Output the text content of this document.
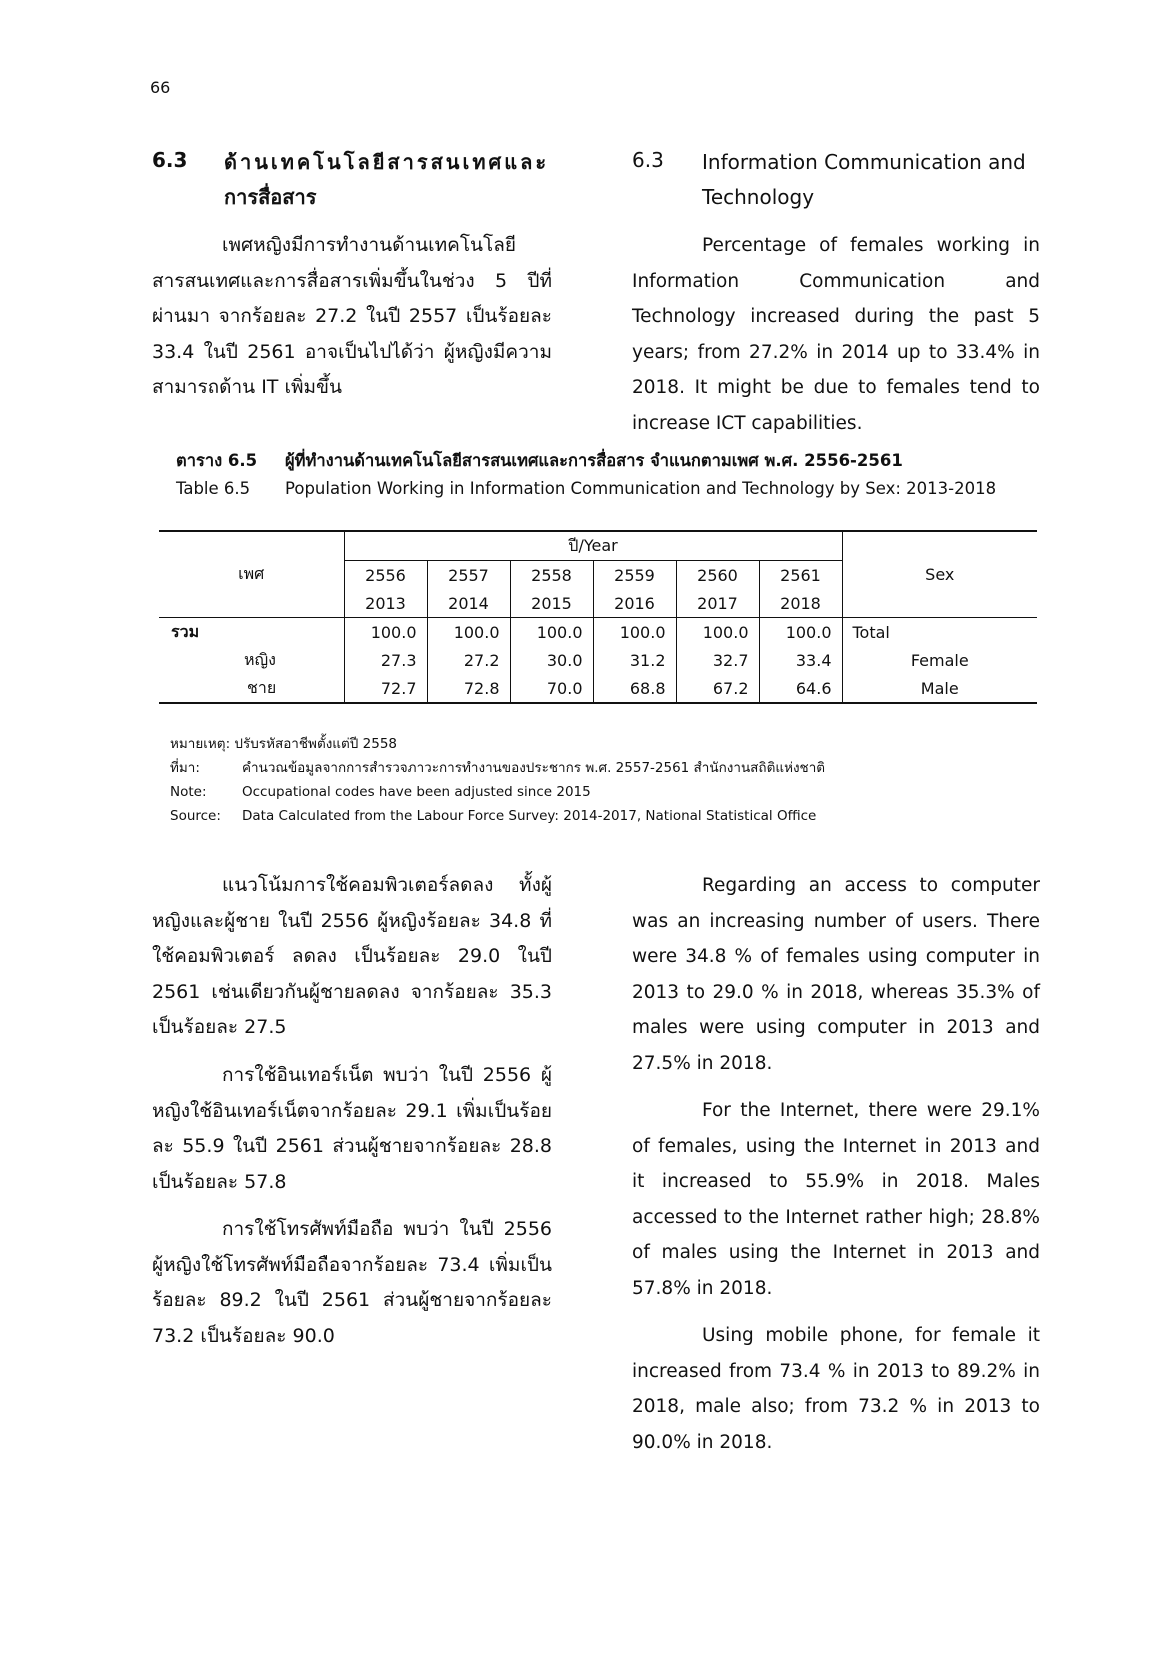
66
6.3 ด้านเทคโนโลยีสารสนเทศและ
การสื่อสาร
6.3 Information Communication and
Technology

เพศหญิงมีการทำงานด้านเทคโนโลยีสารสนเทศและการสื่อสารเพิ่มขึ้นในช่วง 5 ปีที่ผ่านมา จากร้อยละ 27.2 ในปี 2557 เป็นร้อยละ 33.4 ในปี 2561 อาจเป็นไปได้ว่า ผู้หญิงมีความสามารถด้าน IT เพิ่มขึ้น

Percentage of females working in Information Communication and Technology increased during the past 5 years; from 27.2% in 2014 up to 33.4% in 2018. It might be due to females tend to increase ICT capabilities.

ตาราง 6.5 ผู้ที่ทำงานด้านเทคโนโลยีสารสนเทศและการสื่อสาร จำแนกตามเพศ พ.ศ. 2556-2561
Table 6.5 Population Working in Information Communication and Technology by Sex: 2013-2018
เพศ	ปี/Year						Sex
	2556	2557	2558	2559	2560	2561	
	2013	2014	2015	2016	2017	2018	
รวม	100.0	100.0	100.0	100.0	100.0	100.0	Total
หญิง	27.3	27.2	30.0	31.2	32.7	33.4	Female
ชาย	72.7	72.8	70.0	68.8	67.2	64.6	Male
หมายเหตุ: ปรับรหัสอาชีพตั้งแต่ปี 2558
ที่มา:	คำนวณข้อมูลจากการสำรวจภาวะการทำงานของประชากร พ.ศ. 2557-2561 สำนักงานสถิติแห่งชาติ
Note:	Occupational codes have been adjusted since 2015
Source: Data Calculated from the Labour Force Survey: 2014-2017, National Statistical Office

แนวโน้มการใช้คอมพิวเตอร์ลดลง ทั้งผู้หญิงและผู้ชาย ในปี 2556 ผู้หญิงร้อยละ 34.8 ที่ใช้คอมพิวเตอร์ ลดลง เป็นร้อยละ 29.0 ในปี 2561 เช่นเดียวกันผู้ชายลดลง จากร้อยละ 35.3 เป็นร้อยละ 27.5

การใช้อินเทอร์เน็ต พบว่า ในปี 2556 ผู้หญิงใช้อินเทอร์เน็ตจากร้อยละ 29.1 เพิ่มเป็นร้อยละ 55.9 ในปี 2561 ส่วนผู้ชายจากร้อยละ 28.8 เป็นร้อยละ 57.8

การใช้โทรศัพท์มือถือ พบว่า ในปี 2556 ผู้หญิงใช้โทรศัพท์มือถือจากร้อยละ 73.4 เพิ่มเป็นร้อยละ 89.2 ในปี 2561 ส่วนผู้ชายจากร้อยละ 73.2 เป็นร้อยละ 90.0

Regarding an access to computer was an increasing number of users. There were 34.8 % of females using computer in 2013 to 29.0 % in 2018, whereas 35.3% of males were using computer in 2013 and 27.5% in 2018.

For the Internet, there were 29.1% of females, using the Internet in 2013 and it increased to 55.9% in 2018. Males accessed to the Internet rather high; 28.8% of males using the Internet in 2013 and 57.8% in 2018.

Using mobile phone, for female it increased from 73.4 % in 2013 to 89.2% in 2018, male also; from 73.2 % in 2013 to 90.0% in 2018.
